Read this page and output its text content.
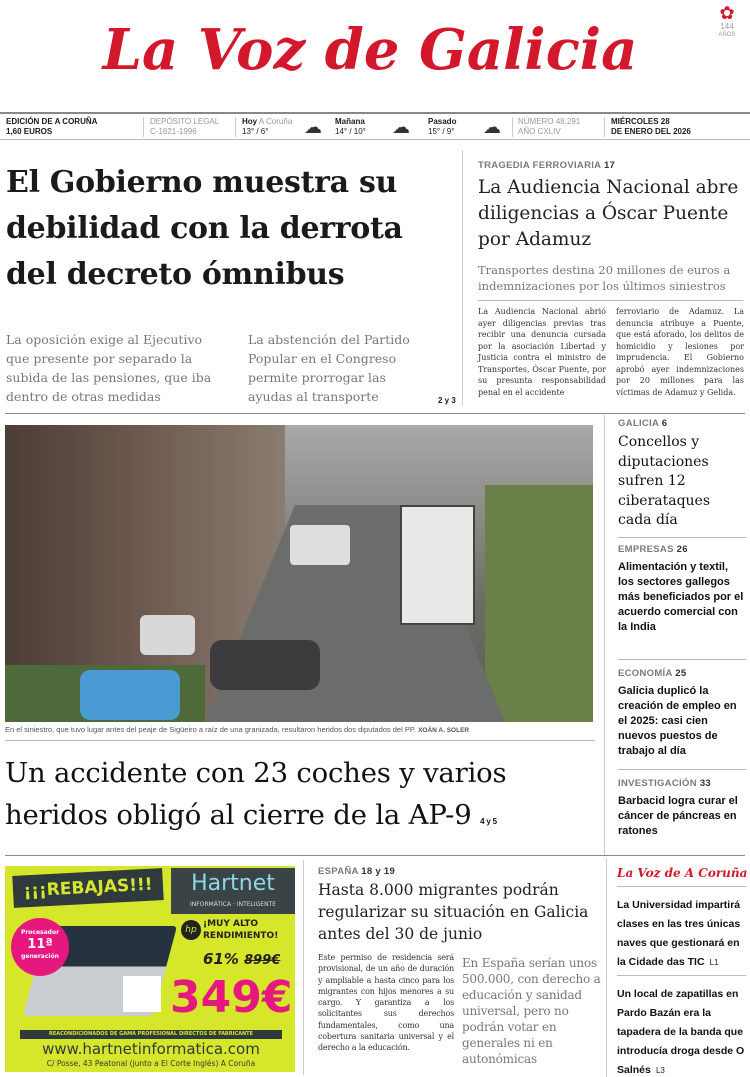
La Voz de Galicia
✿
144
AÑOS
EDICIÓN DE A CORUÑA
1,60 EUROS
DEPÓSITO LEGAL
C-1821-1996
Hoy A Coruña
13° / 6°	☁ Mañana
14° / 10° ☁ Pasado
15° / 9° ☁ NÚMERO 48.291
AÑO CXLIV
MIÉRCOLES 28
DE ENERO DEL 2026
El Gobierno muestra su debilidad con la derrota del decreto ómnibus
La oposición exige al Ejecutivo que presente por separado la subida de las pensiones, que iba dentro de otras medidas
La abstención del Partido Popular en el Congreso permite prorrogar las ayudas al transporte	2 y 3
TRAGEDIA FERROVIARIA 17
La Audiencia Nacional abre diligencias a Óscar Puente por Adamuz
Transportes destina 20 millones de euros a indemnizaciones por los últimos siniestros
La Audiencia Nacional abrió ayer diligencias previas tras recibir una denuncia cursada por la asociación Libertad y Justicia contra el ministro de Transportes, Óscar Puente, por su presunta responsabilidad penal en el accidente
ferroviario de Adamuz. La denuncia atribuye a Puente, que está aforado, los delitos de homicidio y lesiones por imprudencia. El Gobierno aprobó ayer indemnizaciones por 20 millones para las víctimas de Adamuz y Gelida.
En el siniestro, que tuvo lugar antes del peaje de Sigüeiro a raíz de una granizada, resultaron heridos dos diputados del PP. XOÁN A. SOLER
Un accidente con 23 coches y varios heridos obligó al cierre de la AP-9 4 y 5
GALICIA 6
Concellos y diputaciones sufren 12 ciberataques cada día
EMPRESAS 26
Alimentación y textil, los sectores gallegos más beneficiados por el acuerdo comercial con la India
ECONOMÍA 25
Galicia duplicó la creación de empleo en el 2025: casi cien nuevos puestos de trabajo al día
INVESTIGACIÓN 33
Barbacid logra curar el cáncer de páncreas en ratones
La Voz de A Coruña
La Universidad impartirá clases en las tres únicas naves que gestionará en la Cidade das TIC L1
Un local de zapatillas en Pardo Bazán era la tapadera de la banda que introducía droga desde O Salnés L3
ESPAÑA 18 y 19
Hasta 8.000 migrantes podrán regularizar su situación en Galicia antes del 30 de junio
Este permiso de residencia será provisional, de un año de duración y ampliable a hasta cinco para los migrantes con hijos menores a su cargo. Y garantiza a los solicitantes sus derechos fundamentales, como una cobertura sanitaria universal y el derecho a la educación.
En España serían unos 500.000, con derecho a educación y sanidad universal, pero no podrán votar en generales ni en autonómicas
¡¡¡REBAJAS!!!	Hartnet
INFORMÁTICA · INTELIGENTE
Procesador
11ª
generación
hp
¡MUY ALTO RENDIMIENTO!
61% 899€
349€
REACONDICIONADOS DE GAMA PROFESIONAL DIRECTOS DE FABRICANTE
www.hartnetinformatica.com
C/ Posse, 43 Peatonal (junto a El Corte Inglés) A Coruña
